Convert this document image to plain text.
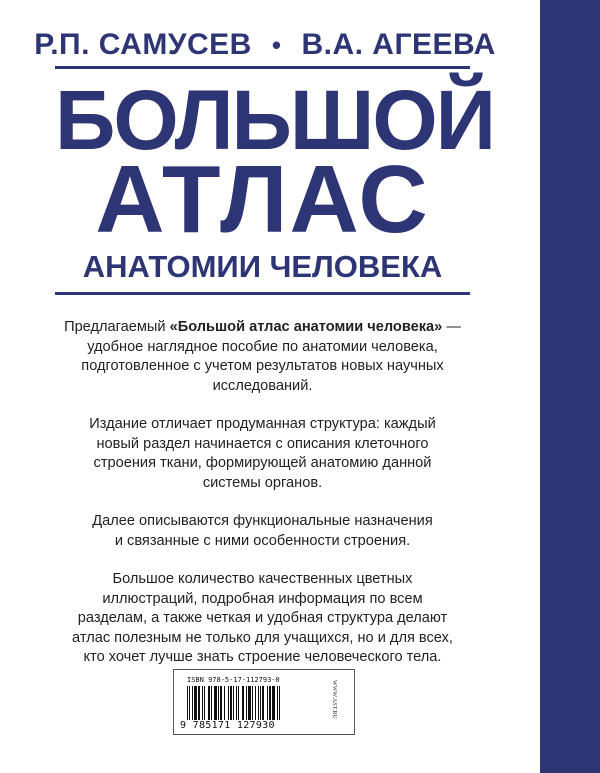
Р.П. САМУСЕВ • В.А. АГЕЕВА
БОЛЬШОЙ
АТЛАС
АНАТОМИИ ЧЕЛОВЕКА

Предлагаемый «Большой атлас анатомии человека» —
удобное наглядное пособие по анатомии человека,
подготовленное с учетом результатов новых научных
исследований.

Издание отличает продуманная структура: каждый
новый раздел начинается с описания клеточного
строения ткани, формирующей анатомию данной
системы органов.

Далее описываются функциональные назначения
и связанные с ними особенности строения.

Большое количество качественных цветных
иллюстраций, подробная информация по всем
разделам, а также четкая и удобная структура делают
атлас полезным не только для учащихся, но и для всех,
кто хочет лучше знать строение человеческого тела.

ISBN 978-5-17-112793-0
9 785171 127930
WWW.AST.RU
